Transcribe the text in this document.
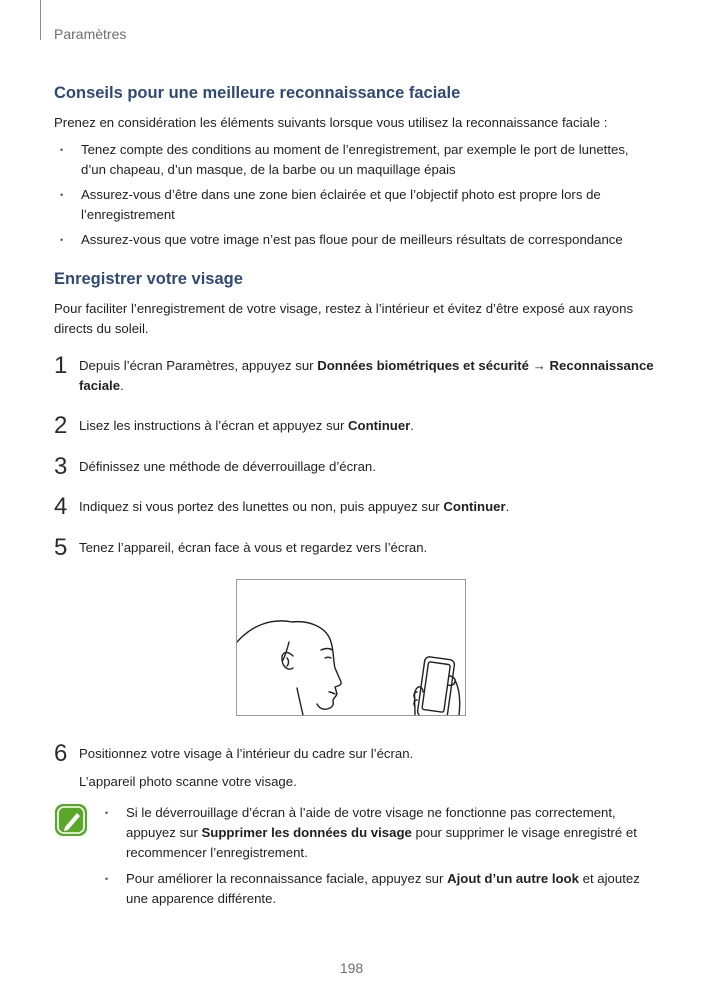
Paramètres
Conseils pour une meilleure reconnaissance faciale

Prenez en considération les éléments suivants lorsque vous utilisez la reconnaissance faciale :

• Tenez compte des conditions au moment de l’enregistrement, par exemple le port de lunettes, d’un chapeau, d’un masque, de la barbe ou un maquillage épais
• Assurez-vous d’être dans une zone bien éclairée et que l’objectif photo est propre lors de l’enregistrement
• Assurez-vous que votre image n’est pas floue pour de meilleurs résultats de correspondance
Enregistrer votre visage

Pour faciliter l’enregistrement de votre visage, restez à l’intérieur et évitez d’être exposé aux rayons directs du soleil.

1 Depuis l’écran Paramètres, appuyez sur Données biométriques et sécurité → Reconnaissance faciale.
2 Lisez les instructions à l’écran et appuyez sur Continuer.
3 Définissez une méthode de déverrouillage d’écran.
4 Indiquez si vous portez des lunettes ou non, puis appuyez sur Continuer.
5 Tenez l’appareil, écran face à vous et regardez vers l’écran.
6 Positionnez votre visage à l’intérieur du cadre sur l’écran.
L’appareil photo scanne votre visage.
• Si le déverrouillage d’écran à l’aide de votre visage ne fonctionne pas correctement, appuyez sur Supprimer les données du visage pour supprimer le visage enregistré et recommencer l’enregistrement.
• Pour améliorer la reconnaissance faciale, appuyez sur Ajout d’un autre look et ajoutez une apparence différente.
198
